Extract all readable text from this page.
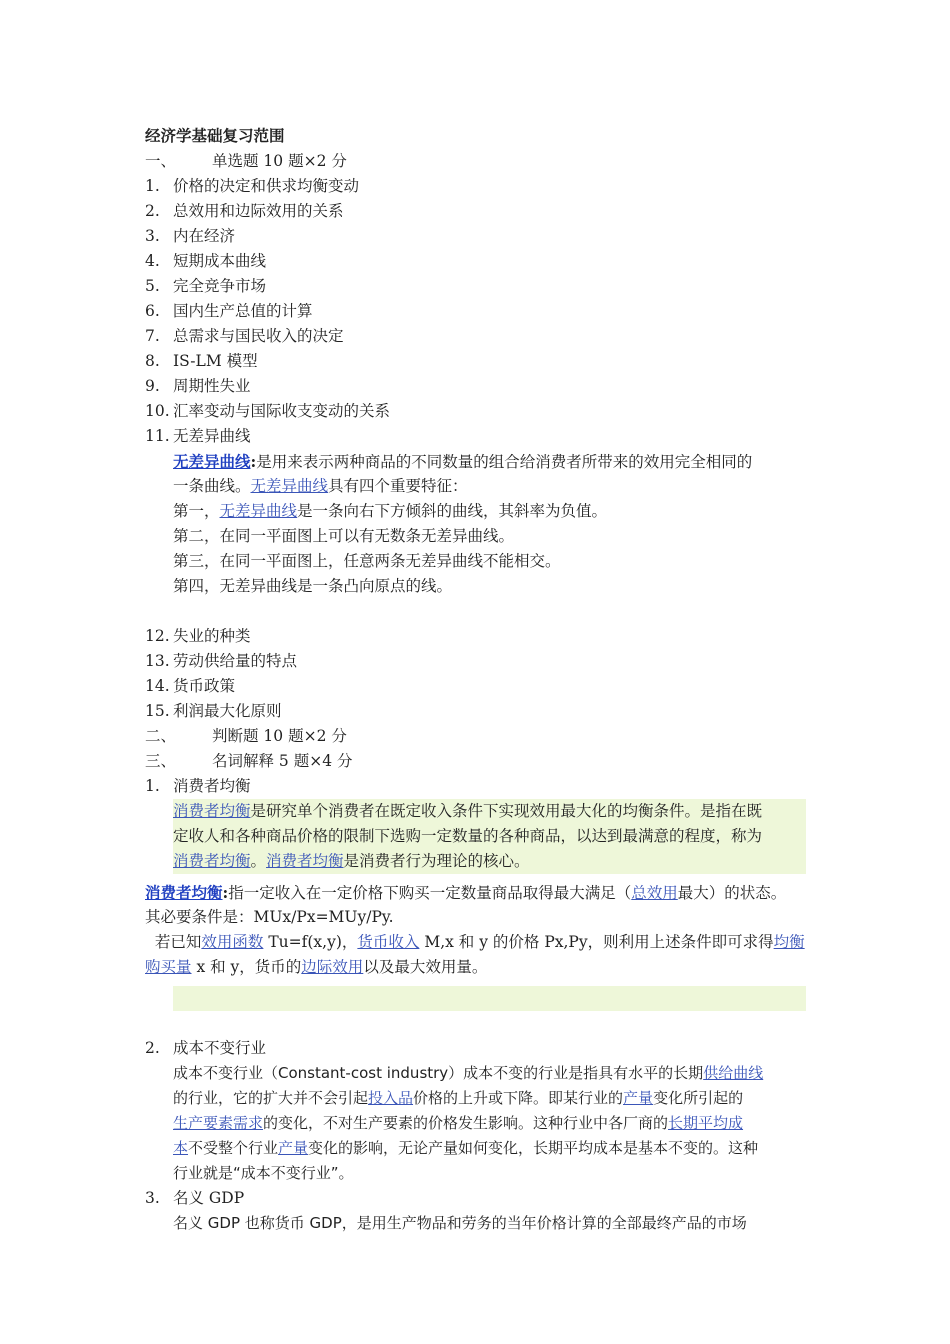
经济学基础复习范围
一、 单选题 10 题×2 分
1. 价格的决定和供求均衡变动
2. 总效用和边际效用的关系
3. 内在经济
4. 短期成本曲线
5. 完全竞争市场
6. 国内生产总值的计算
7. 总需求与国民收入的决定
8. IS-LM 模型
9. 周期性失业
10. 汇率变动与国际收支变动的关系
11. 无差异曲线
无差异曲线:是用来表示两种商品的不同数量的组合给消费者所带来的效用完全相同的
一条曲线。无差异曲线具有四个重要特征：
第一，无差异曲线是一条向右下方倾斜的曲线，其斜率为负值。
第二，在同一平面图上可以有无数条无差异曲线。
第三，在同一平面图上，任意两条无差异曲线不能相交。
第四，无差异曲线是一条凸向原点的线。
12. 失业的种类
13. 劳动供给量的特点
14. 货币政策
15. 利润最大化原则
二、 判断题 10 题×2 分
三、 名词解释 5 题×4 分
1. 消费者均衡
消费者均衡是研究单个消费者在既定收入条件下实现效用最大化的均衡条件。是指在既
定收人和各种商品价格的限制下选购一定数量的各种商品，以达到最满意的程度，称为
消费者均衡。消费者均衡是消费者行为理论的核心。
消费者均衡:指一定收入在一定价格下购买一定数量商品取得最大满足（总效用最大）的状态。
其必要条件是：MUx/Px=MUy/Py.
若已知效用函数 Tu=f(x,y)，货币收入 M,x 和 y 的价格 Px,Py，则利用上述条件即可求得均衡
购买量 x 和 y，货币的边际效用以及最大效用量。
2. 成本不变行业
成本不变行业（Constant-cost industry）成本不变的行业是指具有水平的长期供给曲线
的行业，它的扩大并不会引起投入品价格的上升或下降。即某行业的产量变化所引起的
生产要素需求的变化，不对生产要素的价格发生影响。这种行业中各厂商的长期平均成
本不受整个行业产量变化的影响，无论产量如何变化，长期平均成本是基本不变的。这种
行业就是“成本不变行业”。
3. 名义 GDP
名义 GDP 也称货币 GDP，是用生产物品和劳务的当年价格计算的全部最终产品的市场
